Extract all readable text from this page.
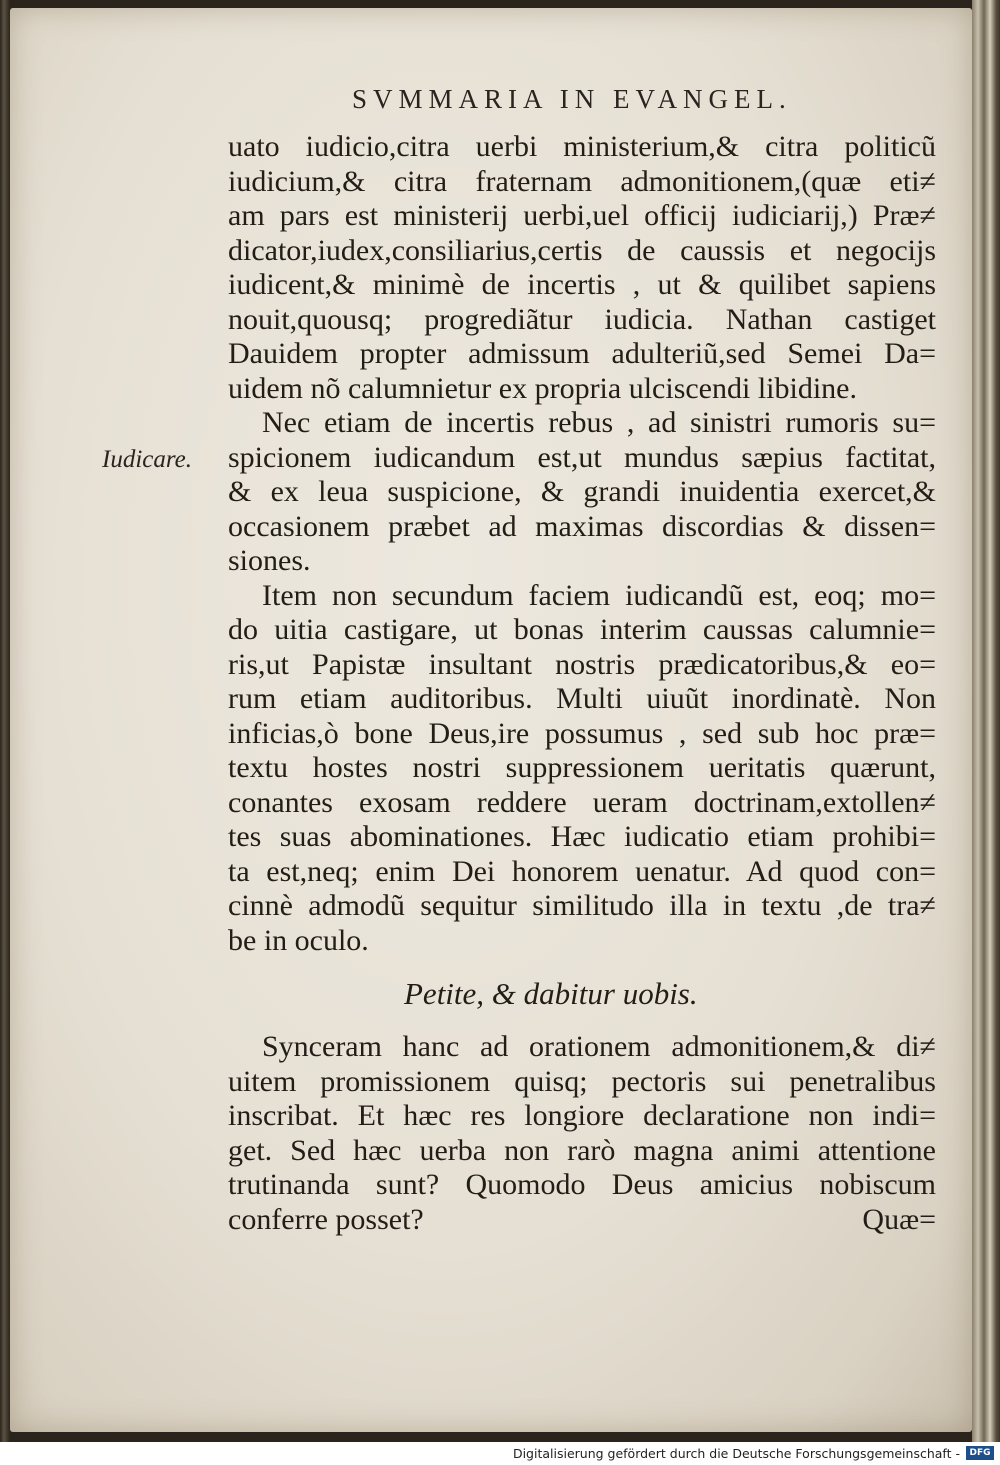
SVMMARIA IN EVANGEL.
Iudicare.
uato iudicio,citra uerbi ministerium,& citra politicũ
iudicium,& citra fraternam admonitionem,(quæ eti≠
am pars est ministerij uerbi,uel officij iudiciarij,) Præ≠
dicator,iudex,consiliarius,certis de caussis et negocijs
iudicent,& minimè de incertis , ut & quilibet sapiens
nouit,quousq; progrediãtur iudicia. Nathan castiget
Dauidem propter admissum adulteriũ,sed Semei Da=
uidem nõ calumnietur ex propria ulciscendi libidine.
Nec etiam de incertis rebus , ad sinistri rumoris su=
spicionem iudicandum est,ut mundus sæpius factitat,
& ex leua suspicione, & grandi inuidentia exercet,&
occasionem præbet ad maximas discordias & dissen=
siones.
Item non secundum faciem iudicandũ est, eoq; mo=
do uitia castigare, ut bonas interim caussas calumnie=
ris,ut Papistæ insultant nostris prædicatoribus,& eo=
rum etiam auditoribus. Multi uiuũt inordinatè. Non
inficias,ò bone Deus,ire possumus , sed sub hoc præ=
textu hostes nostri suppressionem ueritatis quærunt,
conantes exosam reddere ueram doctrinam,extollen≠
tes suas abominationes. Hæc iudicatio etiam prohibi=
ta est,neq; enim Dei honorem uenatur. Ad quod con=
cinnè admodũ sequitur similitudo illa in textu ,de tra≠
be in oculo.
Petite, & dabitur uobis.
Synceram hanc ad orationem admonitionem,& di≠
uitem promissionem quisq; pectoris sui penetralibus
inscribat. Et hæc res longiore declaratione non indi=
get. Sed hæc uerba non rarò magna animi attentione
trutinanda sunt? Quomodo Deus amicius nobiscum
conferre posset?	Quæ=
Digitalisierung gefördert durch die Deutsche Forschungsgemeinschaft -	DFG
